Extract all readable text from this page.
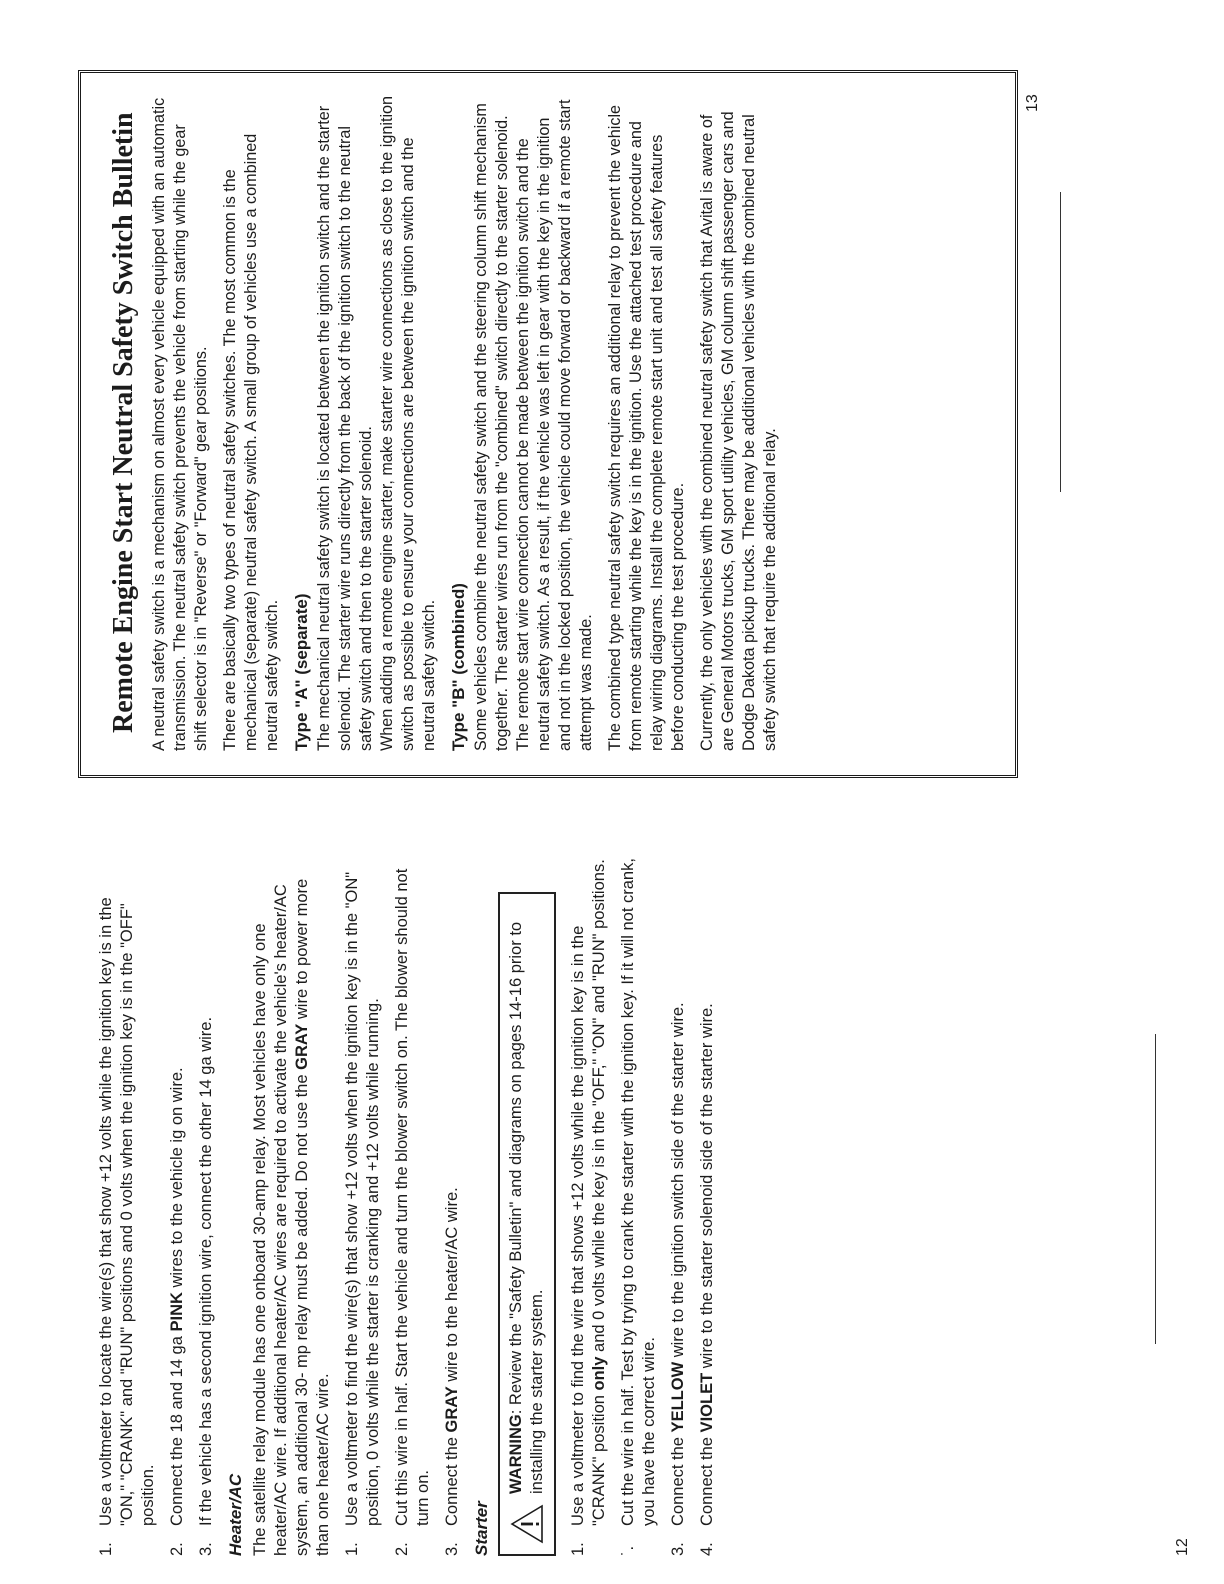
1.
Use a voltmeter to locate the wire(s) that show +12 volts while the ignition key is in the "ON," "CRANK" and "RUN" positions and 0 volts when the ignition key is in the "OFF" position.
2.
Connect the 18 and 14 ga PINK wires to the vehicle ig on wire.
3.
If the vehicle has a second ignition wire, connect the other 14 ga wire. Heater/AC The satellite relay module has one onboard 30-amp relay. Most vehicles have only one heater/AC wire. If additional heater/AC wires are required to activate the vehicle's heater/AC system, an additional 30- mp relay must be added. Do not use the GRAY wire to power more than one heater/AC wire. 1.
Use a voltmeter to find the wire(s) that show +12 volts when the ignition key is in the "ON" position, 0 volts while the starter is cranking and +12 volts while running.
2.
Cut this wire in half. Start the vehicle and turn the blower switch on. The blower should not turn on.
3.
Connect the GRAY wire to the heater/AC wire.
Starter
WARNING: Review the "Safety Bulletin" and diagrams on pages 14-16 prior to installing the starter system.
1.
Use a voltmeter to find the wire that shows +12 volts while the ignition key is in the "CRANK" position only and 0 volts while the key is in the "OFF," "ON" and "RUN" positions.
˙.
Cut the wire in half. Test by trying to crank the starter with the ignition key. If it will not crank, you have the correct wire.
3.
Connect the YELLOW wire to the ignition switch side of the starter wire.
4.
Connect the VIOLET wire to the starter solenoid side of the starter wire.
12
Remote Engine Start Neutral Safety Switch Bulletin A neutral safety switch is a mechanism on almost every vehicle equipped with an automatic transmission. The neutral safety switch prevents the vehicle from starting while the gear shift selector is in "Reverse" or "Forward" gear positions. There are basically two types of neutral safety switches. The most common is the mechanical (separate) neutral safety switch. A small group of vehicles use a combined neutral safety switch. Type "A" (separate) The mechanical neutral safety switch is located between the ignition switch and the starter solenoid. The starter wire runs directly from the back of the ignition switch to the neutral safety switch and then to the starter solenoid. When adding a remote engine starter, make starter wire connections as close to the ignition switch as possible to ensure your connections are between the ignition switch and the neutral safety switch. Type "B" (combined) Some vehicles combine the neutral safety switch and the steering column shift mechanism together. The starter wires run from the "combined" switch directly to the starter solenoid. The remote start wire connection cannot be made between the ignition switch and the neutral safety switch. As a result, if the vehicle was left in gear with the key in the ignition and not in the locked position, the vehicle could move forward or backward if a remote start attempt was made. The combined type neutral safety switch requires an additional relay to prevent the vehicle from remote starting while the key is in the ignition. Use the attached test procedure and relay wiring diagrams. Install the complete remote start unit and test all safety features before conducting the test procedure. Currently, the only vehicles with the combined neutral safety switch that Avital is aware of are General Motors trucks, GM sport utility vehicles, GM column shift passenger cars and Dodge Dakota pickup trucks. There may be additional vehicles with the combined neutral safety switch that require the additional relay.
13
